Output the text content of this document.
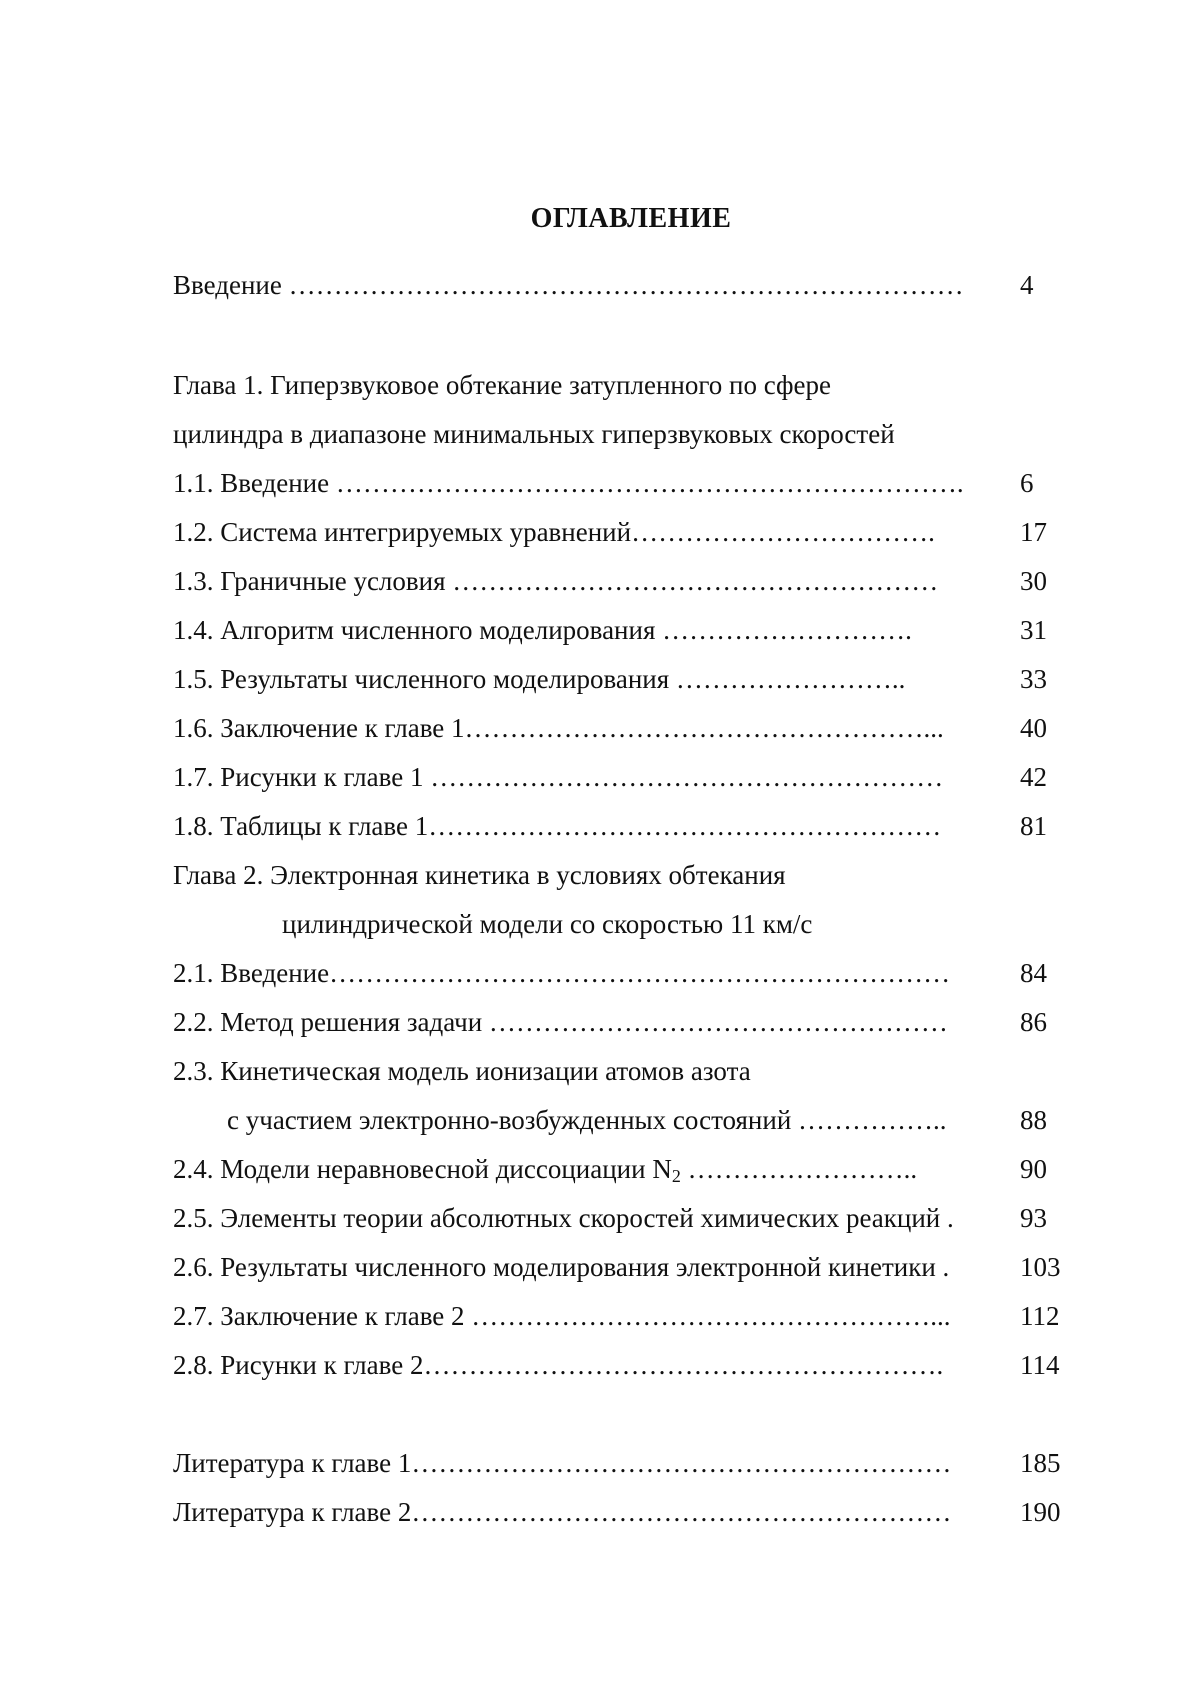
ОГЛАВЛЕНИЕ
Введение ………………………………………………………………… 4
Глава 1. Гиперзвуковое обтекание затупленного по сфере
цилиндра в диапазоне минимальных гиперзвуковых скоростей
1.1. Введение ……………………………………………………………. 6
1.2. Система интегрируемых уравнений…………………………….	17
1.3. Граничные условия ………………………………………………	30
1.4. Алгоритм численного моделирования ……………………….	31
1.5. Результаты численного моделирования ……………………..	33
1.6. Заключение к главе 1……………………………………………...	40
1.7. Рисунки к главе 1 …………………………………………………	42
1.8. Таблицы к главе 1…………………………………………………	81
Глава 2. Электронная кинетика в условиях обтекания
цилиндрической модели со скоростью 11 км/с
2.1. Введение……………………………………………………………	84
2.2. Метод решения задачи ……………………………………………	86
2.3. Кинетическая модель ионизации атомов азота
с участием электронно-возбужденных состояний ……………..	88
2.4. Модели неравновесной диссоциации $N_2$ ……………………..	90
2.5. Элементы теории абсолютных скоростей химических реакций . 93
2.6. Результаты численного моделирования электронной кинетики .	103
2.7. Заключение к главе 2 ……………………………………………...	112
2.8. Рисунки к главе 2………………………………………………….	114
Литература к главе 1……………………………………………………	185
Литература к главе 2……………………………………………………	190
